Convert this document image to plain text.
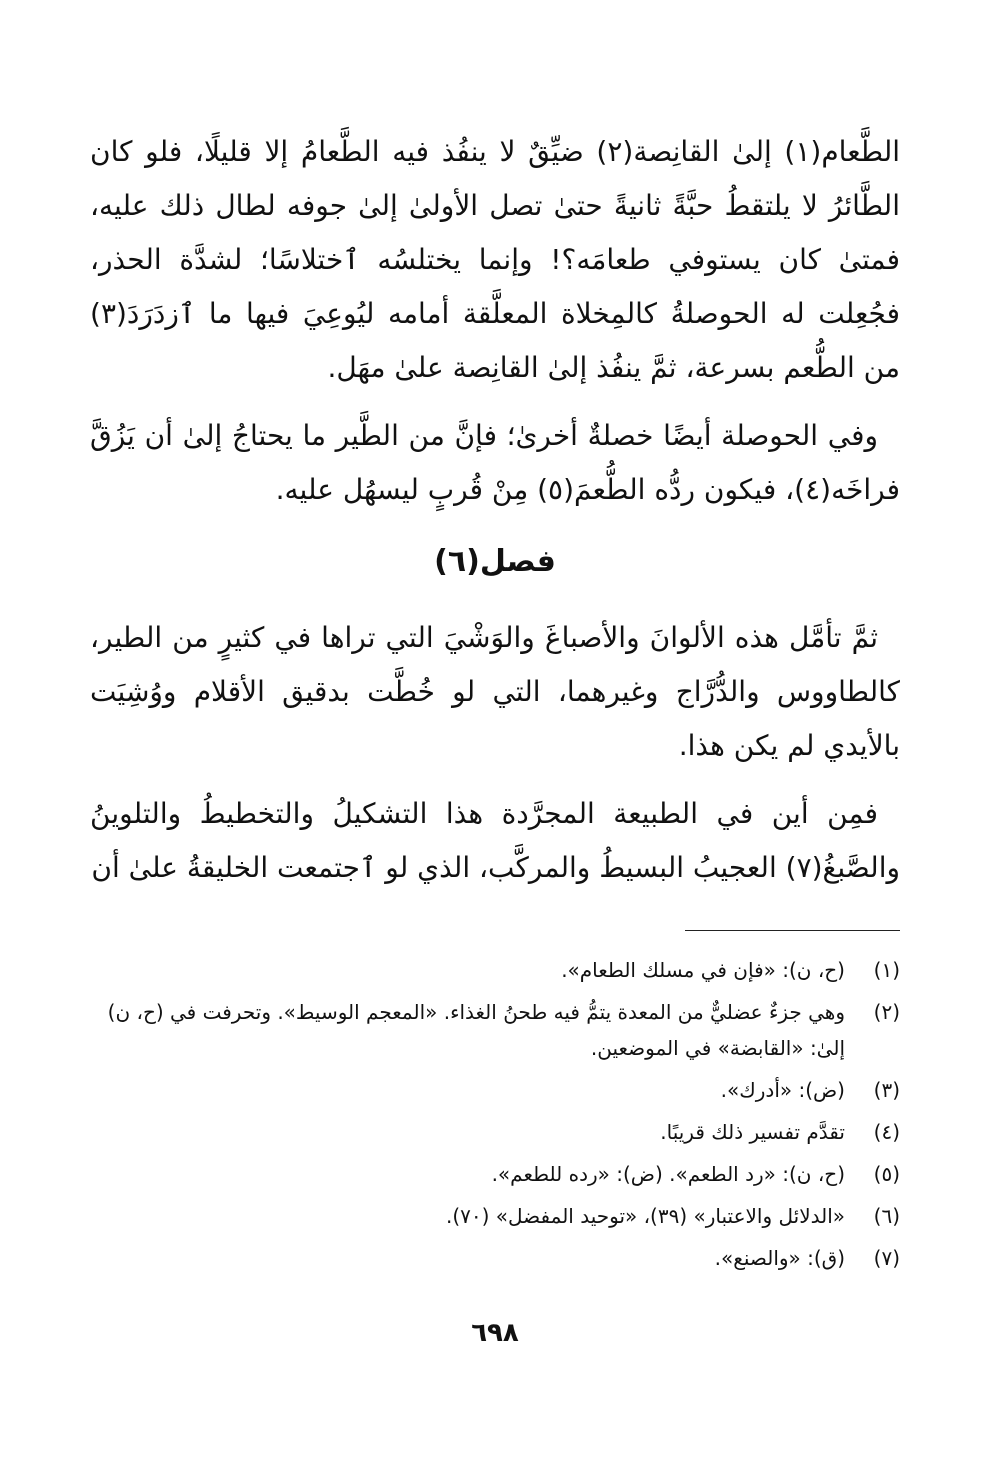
الطَّعام(١) إلىٰ القانِصة(٢) ضيِّقٌ لا ينفُذ فيه الطَّعامُ إلا قليلًا، فلو كان الطَّائرُ لا يلتقطُ حبَّةً ثانيةً حتىٰ تصل الأولىٰ إلىٰ جوفه لطال ذلك عليه، فمتىٰ كان يستوفي طعامَه؟! وإنما يختلسُه ٱختلاسًا؛ لشدَّة الحذر، فجُعِلت له الحوصلةُ كالمِخلاة المعلَّقة أمامه ليُوعِيَ فيها ما ٱزدَرَدَ(٣) من الطُّعم بسرعة، ثمَّ ينفُذ إلىٰ القانِصة علىٰ مهَل.

وفي الحوصلة أيضًا خصلةٌ أخرىٰ؛ فإنَّ من الطَّير ما يحتاجُ إلىٰ أن يَزُقَّ فراخَه(٤)، فيكون ردُّه الطُّعمَ(٥) مِنْ قُربٍ ليسهُل عليه.

فصل(٦)

ثمَّ تأمَّل هذه الألوانَ والأصباغَ والوَشْيَ التي تراها في كثيرٍ من الطير، كالطاووس والدُّرَّاج وغيرهما، التي لو خُطَّت بدقيق الأقلام ووُشِيَت بالأيدي لم يكن هذا.

فمِن أين في الطبيعة المجرَّدة هذا التشكيلُ والتخطيطُ والتلوينُ والصَّبغُ(٧) العجيبُ البسيطُ والمركَّب، الذي لو ٱجتمعت الخليقةُ علىٰ أن

(١)
(ح، ن): «فإن في مسلك الطعام».
(٢)
وهي جزءٌ عضليٌّ من المعدة يتمُّ فيه طحنُ الغذاء. «المعجم الوسيط». وتحرفت في (ح، ن) إلىٰ: «القابضة» في الموضعين.
(٣)
(ض): «أدرك».
(٤)
تقدَّم تفسير ذلك قريبًا.
(٥)
(ح، ن): «رد الطعم». (ض): «رده للطعم».
(٦)
«الدلائل والاعتبار» (٣٩)، «توحيد المفضل» (٧٠).
(٧)
(ق): «والصنع».
٦٩٨
